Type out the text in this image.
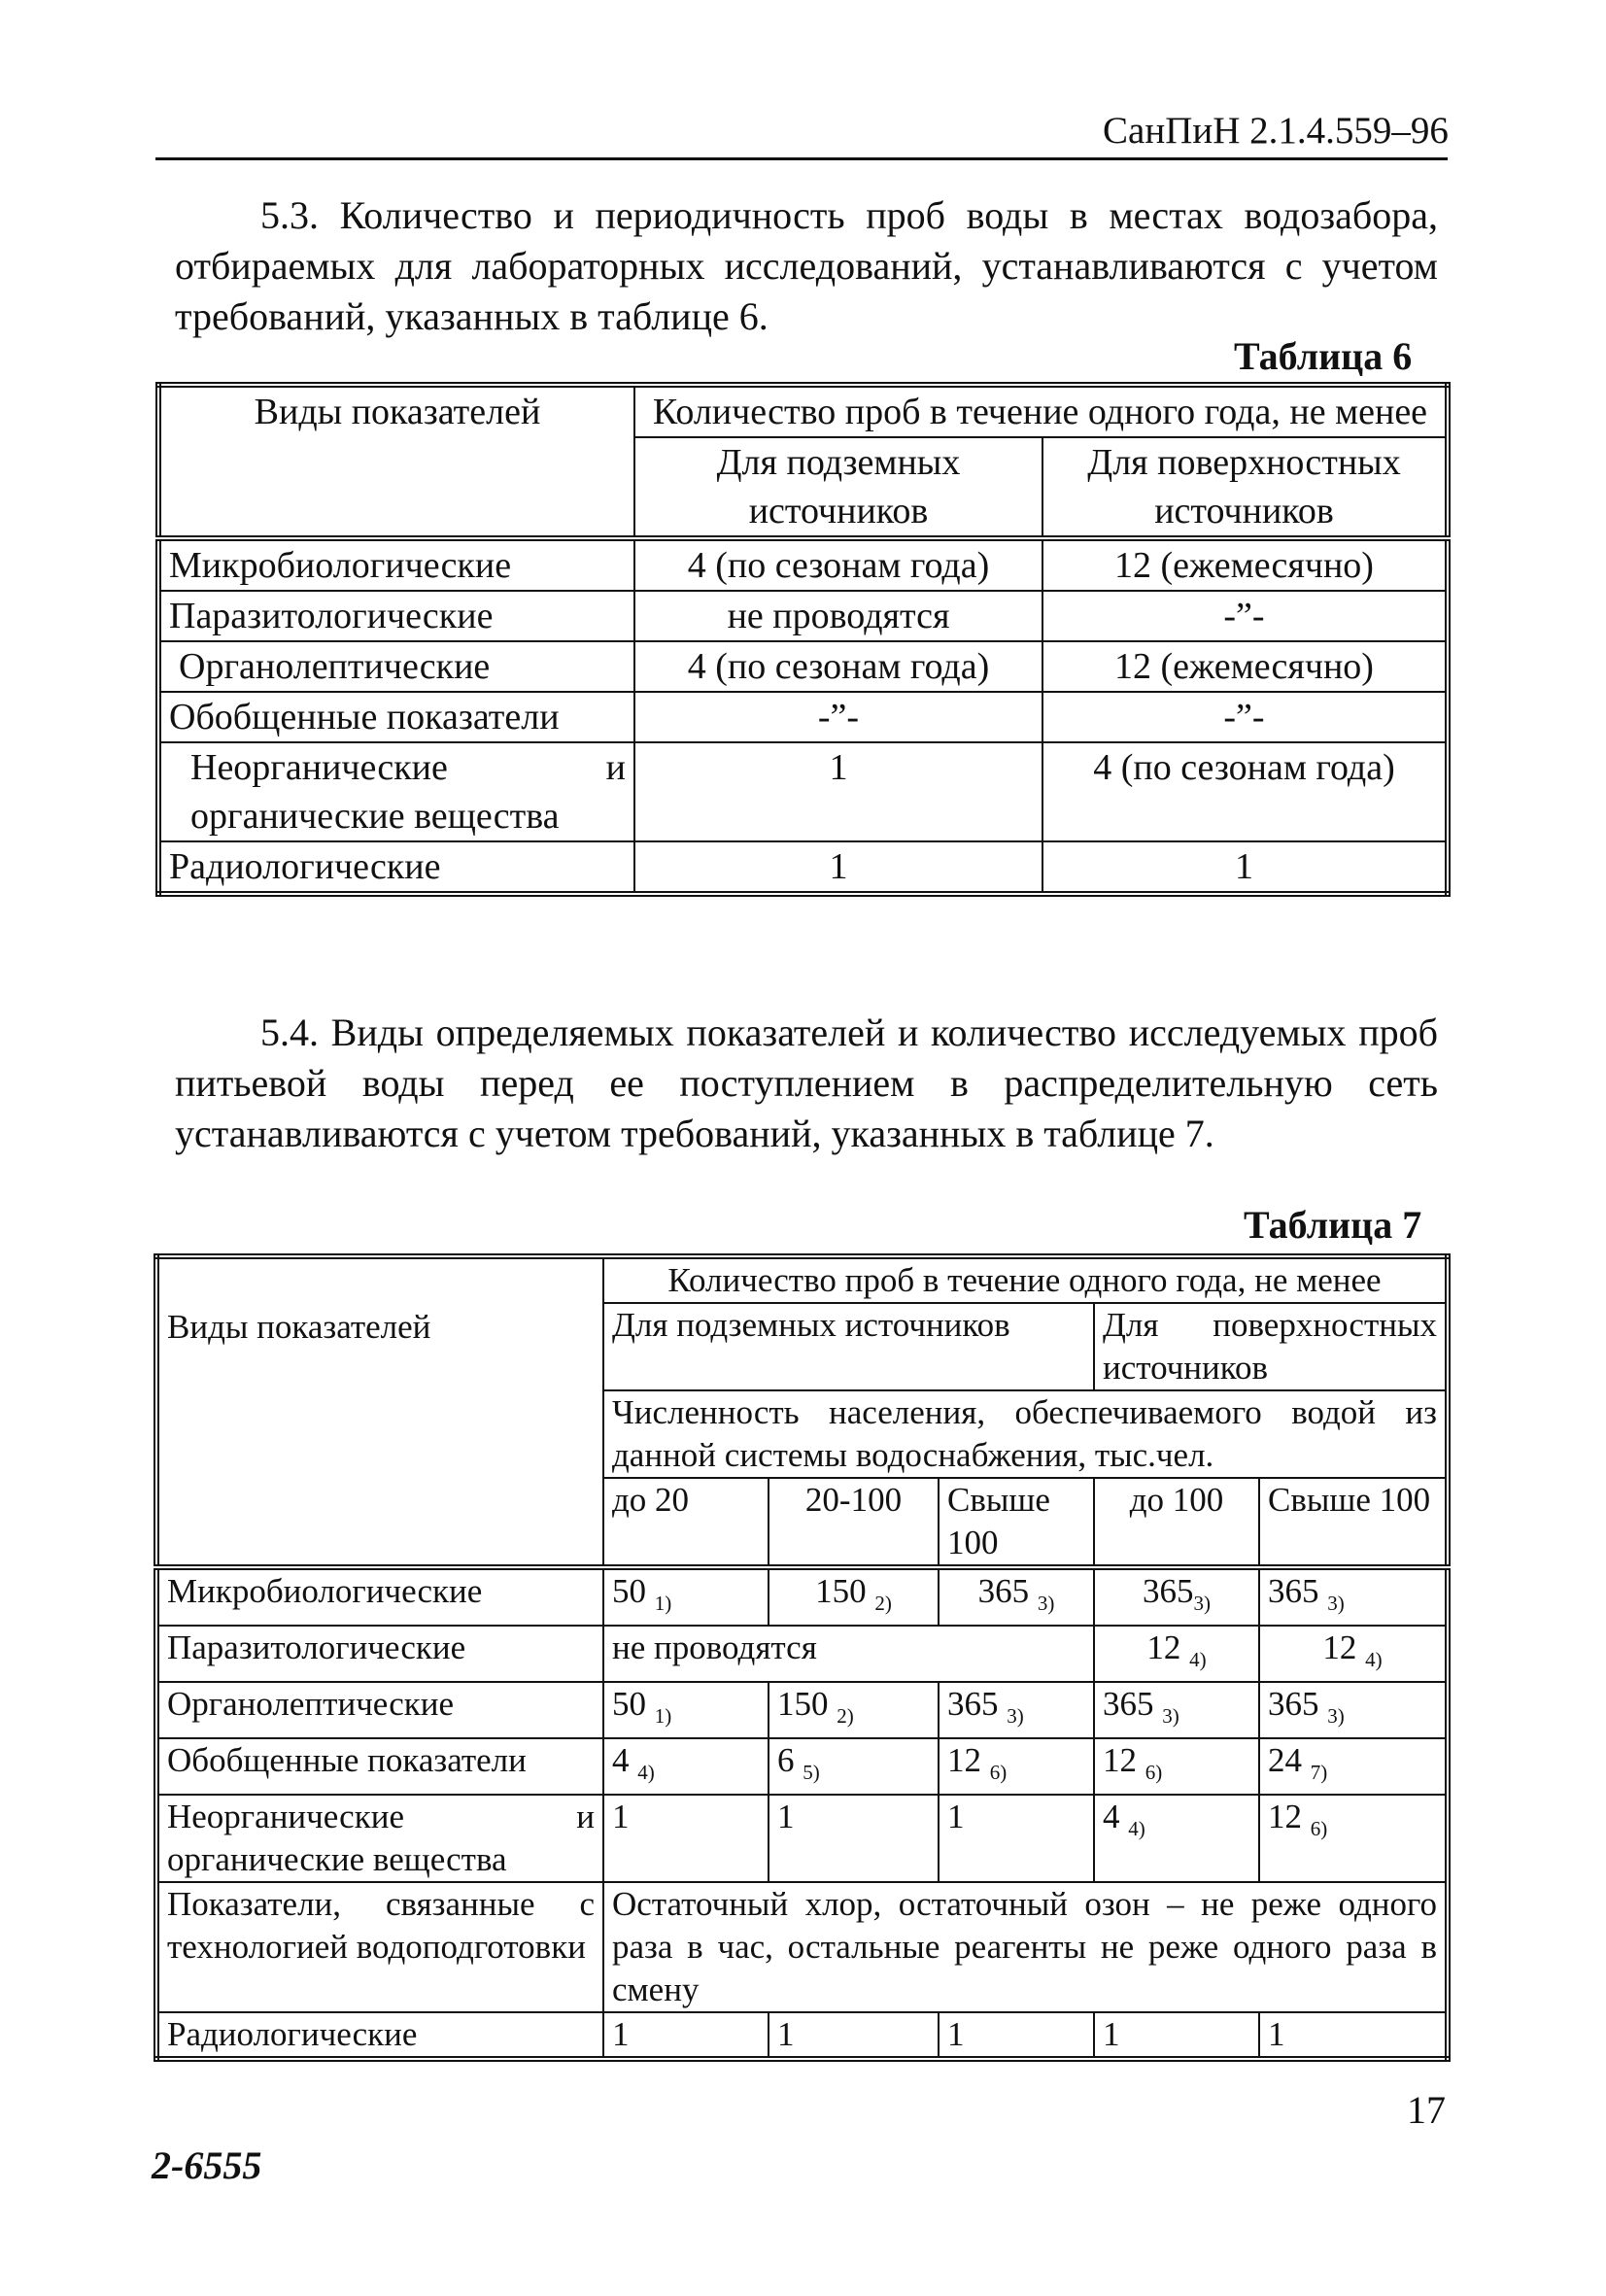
СанПиН 2.1.4.559–96
5.3. Количество и периодичность проб воды в местах водозабора, отбираемых для лабораторных исследований, устанавливаются с учетом требований, указанных в таблице 6.
Таблица 6
Виды показателей	Количество проб в течение одного года, не менее	
	Для подземных источников	Для поверхностных источников
Микробиологические	4 (по сезонам года)	12 (ежемесячно)
Паразитологические	не проводятся	-”-
Органолептические	4 (по сезонам года)	12 (ежемесячно)
Обобщенные показатели	-”-	-”-
Неорганические и органические вещества	1	4 (по сезонам года)
Радиологические	1	1
5.4. Виды определяемых показателей и количество исследуемых проб питьевой воды перед ее поступлением в распределительную сеть устанавливаются с учетом требований, указанных в таблице 7.
Таблица 7
Виды показателей	Количество проб в течение одного года, не менее				
	Для подземных источников			Для поверхностных источников	
	Численность населения, обеспечиваемого водой из данной системы водоснабжения, тыс.чел.				
	до 20	20-100	Свыше 100	до 100	Свыше 100
Микробиологические	50 $_{1)}$	150 $_{2)}$	365 $_{3)}$	$365_{3)}$	365 $_{3)}$
Паразитологические	не проводятся			12 $_{4)}$	12 $_{4)}$
Органолептические	50 $_{1)}$	150 $_{2)}$	365 $_{3)}$	365 $_{3)}$	365 $_{3)}$
Обобщенные показатели	4 $_{4)}$	6 $_{5)}$	12 $_{6)}$	12 $_{6)}$	24 $_{7)}$
Неорганические и органические вещества	1	1	1	4 $_{4)}$	12 $_{6)}$
Показатели, связанные с технологией водоподготовки	Остаточный хлор, остаточный озон – не реже одного раза в час, остальные реагенты не реже одного раза в смену				
Радиологические	1	1	1	1	1
17
2-6555
